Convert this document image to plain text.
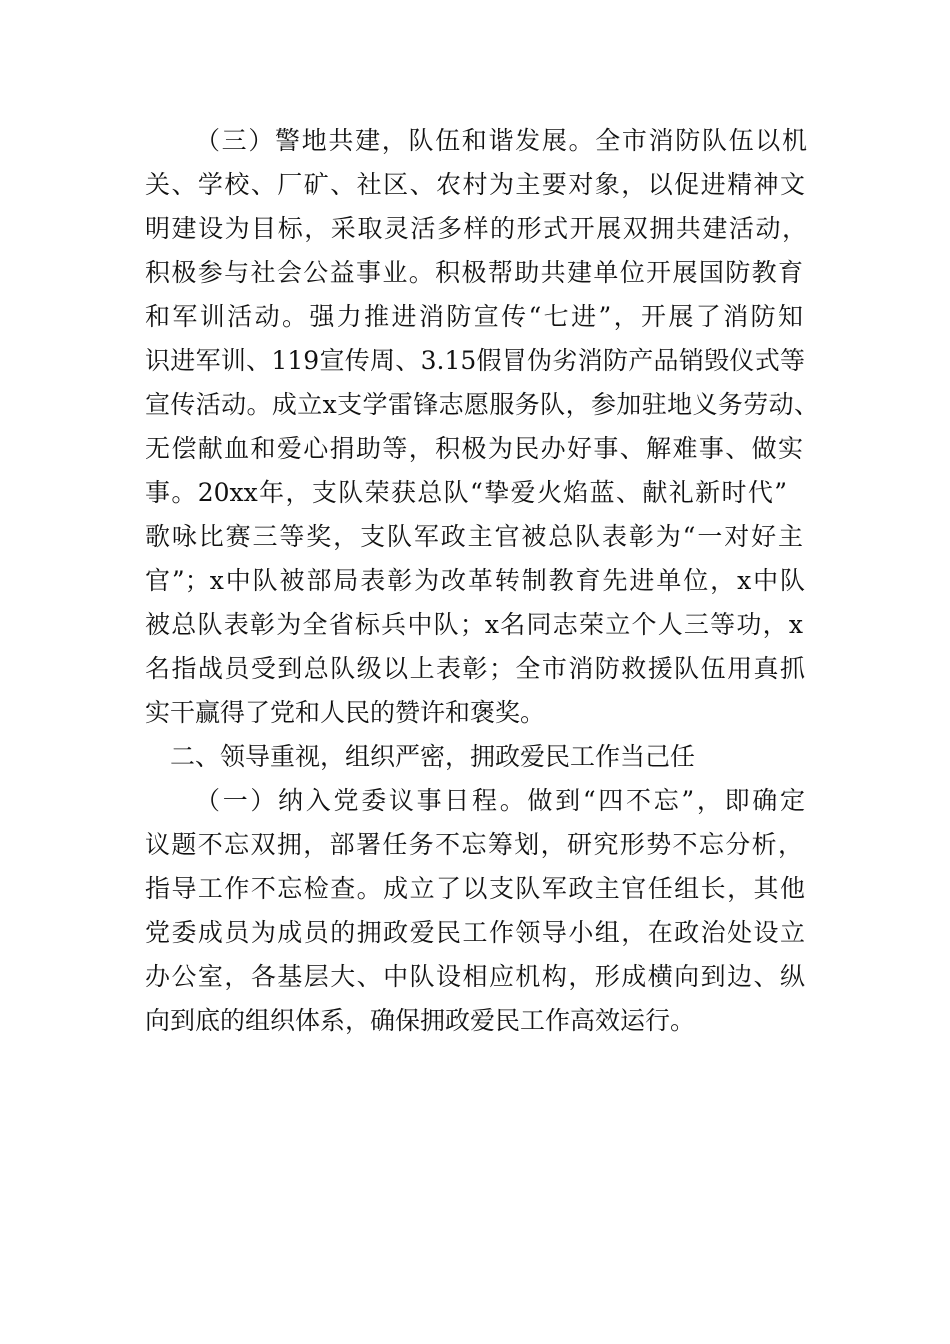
（三）警地共建，队伍和谐发展。全市消防队伍以机
关、学校、厂矿、社区、农村为主要对象，以促进精神文
明建设为目标，采取灵活多样的形式开展双拥共建活动，
积极参与社会公益事业。积极帮助共建单位开展国防教育
和军训活动。强力推进消防宣传“七进”，开展了消防知
识进军训、119宣传周、3.15假冒伪劣消防产品销毁仪式等
宣传活动。成立x支学雷锋志愿服务队，参加驻地义务劳动、
无偿献血和爱心捐助等，积极为民办好事、解难事、做实
事。20xx年，支队荣获总队“挚爱火焰蓝、献礼新时代”
歌咏比赛三等奖，支队军政主官被总队表彰为“一对好主
官”；x中队被部局表彰为改革转制教育先进单位，x中队
被总队表彰为全省标兵中队；x名同志荣立个人三等功，x
名指战员受到总队级以上表彰；全市消防救援队伍用真抓
实干赢得了党和人民的赞许和褒奖。
二、领导重视，组织严密，拥政爱民工作当己任
（一）纳入党委议事日程。做到“四不忘”，即确定
议题不忘双拥，部署任务不忘筹划，研究形势不忘分析，
指导工作不忘检查。成立了以支队军政主官任组长，其他
党委成员为成员的拥政爱民工作领导小组，在政治处设立
办公室，各基层大、中队设相应机构，形成横向到边、纵
向到底的组织体系，确保拥政爱民工作高效运行。
